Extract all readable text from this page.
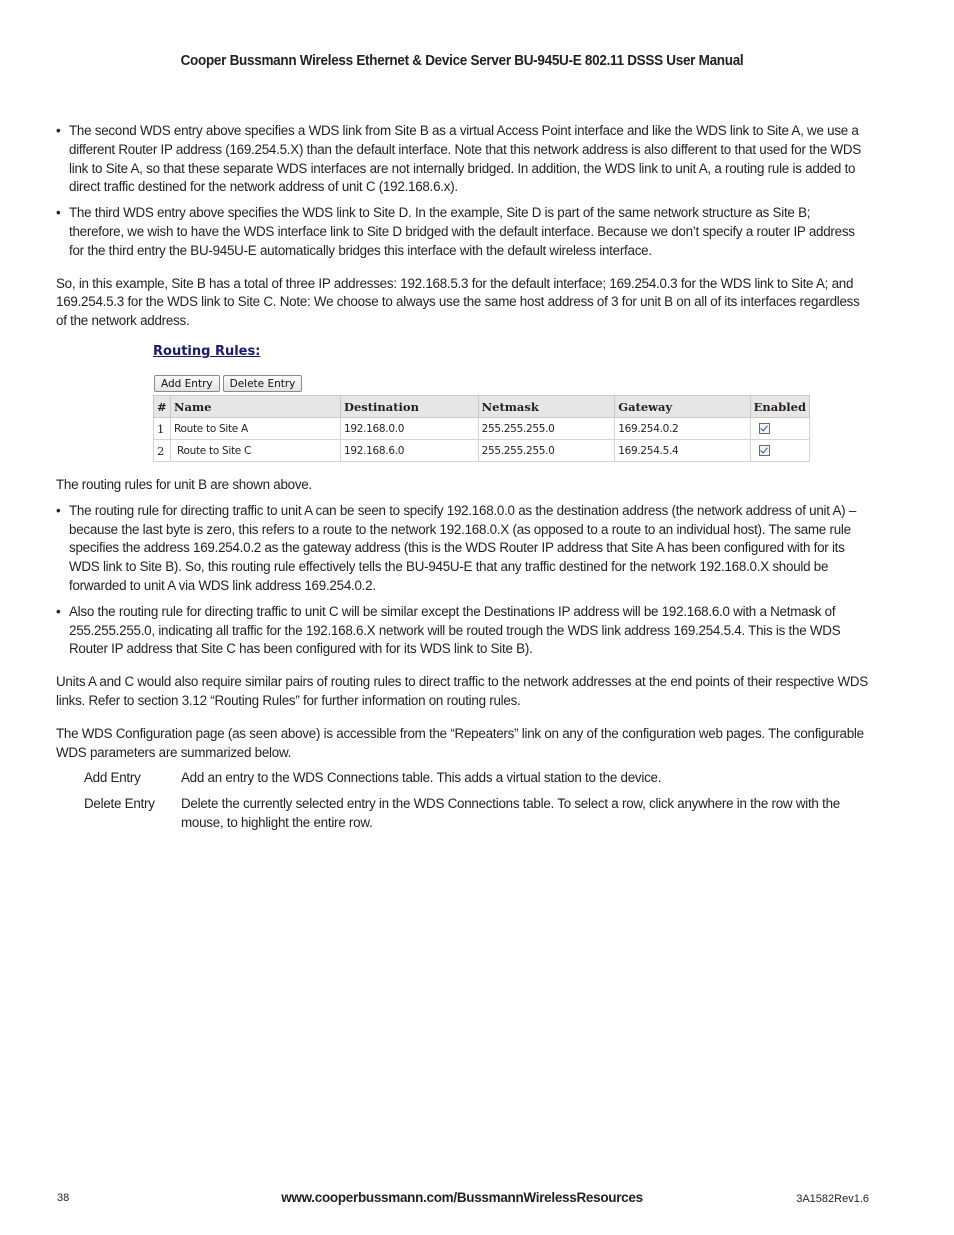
Cooper Bussmann Wireless Ethernet & Device Server BU-945U-E 802.11 DSSS User Manual
• The second WDS entry above specifies a WDS link from Site B as a virtual Access Point interface and like the WDS link to Site A, we use a different Router IP address (169.254.5.X) than the default interface. Note that this network address is also different to that used for the WDS link to Site A, so that these separate WDS interfaces are not internally bridged. In addition, the WDS link to unit A, a routing rule is added to direct traffic destined for the network address of unit C (192.168.6.x).
• The third WDS entry above specifies the WDS link to Site D. In the example, Site D is part of the same network structure as Site B; therefore, we wish to have the WDS interface link to Site D bridged with the default interface. Because we don’t specify a router IP address for the third entry the BU-945U-E automatically bridges this interface with the default wireless interface.

So, in this example, Site B has a total of three IP addresses: 192.168.5.3 for the default interface; 169.254.0.3 for the WDS link to Site A; and 169.254.5.3 for the WDS link to Site C. Note: We choose to always use the same host address of 3 for unit B on all of its interfaces regardless of the network address.

Routing Rules:
Add Entry	Delete Entry
#	Name	Destination	Netmask	Gateway	Enabled
1	Route to Site A	192.168.0.0	255.255.255.0	169.254.0.2	
2	Route to Site C	192.168.6.0	255.255.255.0	169.254.5.4	

The routing rules for unit B are shown above.

• The routing rule for directing traffic to unit A can be seen to specify 192.168.0.0 as the destination address (the network address of unit A) – because the last byte is zero, this refers to a route to the network 192.168.0.X (as opposed to a route to an individual host). The same rule specifies the address 169.254.0.2 as the gateway address (this is the WDS Router IP address that Site A has been configured with for its WDS link to Site B). So, this routing rule effectively tells the BU-945U-E that any traffic destined for the network 192.168.0.X should be forwarded to unit A via WDS link address 169.254.0.2.
• Also the routing rule for directing traffic to unit C will be similar except the Destinations IP address will be 192.168.6.0 with a Netmask of 255.255.255.0, indicating all traffic for the 192.168.6.X network will be routed trough the WDS link address 169.254.5.4. This is the WDS Router IP address that Site C has been configured with for its WDS link to Site B).

Units A and C would also require similar pairs of routing rules to direct traffic to the network addresses at the end points of their respective WDS links. Refer to section 3.12 “Routing Rules” for further information on routing rules.

The WDS Configuration page (as seen above) is accessible from the “Repeaters” link on any of the configuration web pages. The configurable WDS parameters are summarized below.

Add Entry	Add an entry to the WDS Connections table. This adds a virtual station to the device.
Delete Entry	Delete the currently selected entry in the WDS Connections table. To select a row, click anywhere in the row with the mouse, to highlight the entire row.
38	www.cooperbussmann.com/BussmannWirelessResources	3A1582Rev1.6
